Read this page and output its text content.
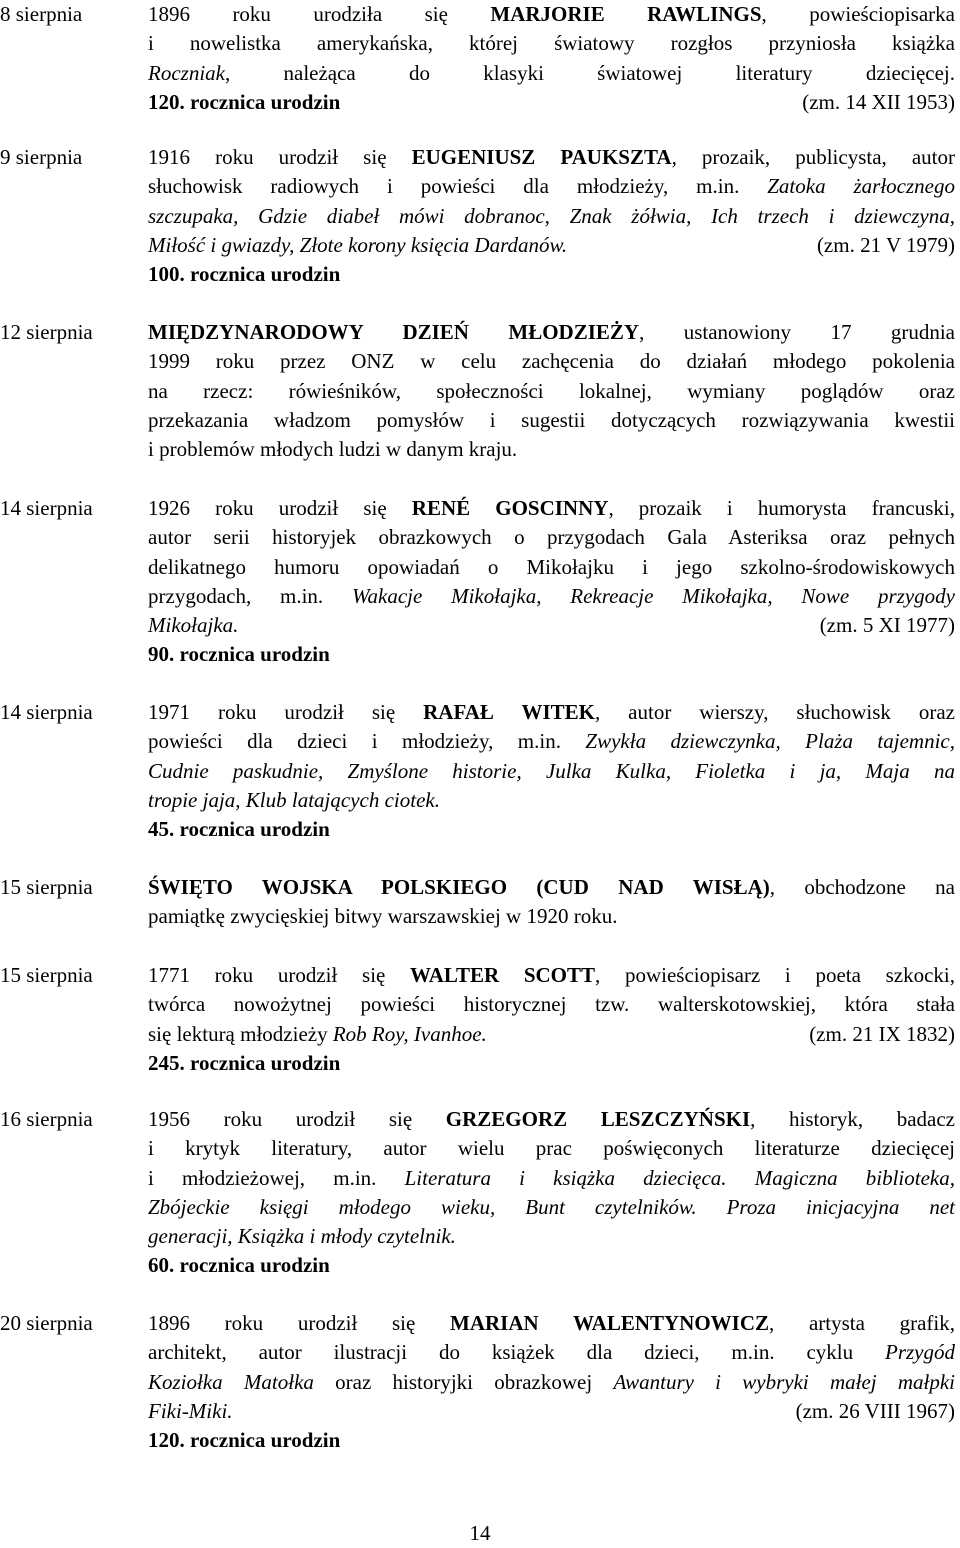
8 sierpnia	1896 roku urodziła się MARJORIE RAWLINGS, powieściopisarka
i nowelistka amerykańska, której światowy rozgłos przyniosła książka
Roczniak, należąca do klasyki światowej literatury dziecięcej.
120. rocznica urodzin	(zm. 14 XII 1953)
9 sierpnia	1916 roku urodził się EUGENIUSZ PAUKSZTA, prozaik, publicysta, autor
słuchowisk radiowych i powieści dla młodzieży, m.in. Zatoka żarłocznego
szczupaka, Gdzie diabeł mówi dobranoc, Znak żółwia, Ich trzech i dziewczyna,
Miłość i gwiazdy, Złote korony księcia Dardanów.	(zm. 21 V 1979)
100. rocznica urodzin
12 sierpnia	MIĘDZYNARODOWY DZIEŃ MŁODZIEŻY, ustanowiony 17 grudnia
1999 roku przez ONZ w celu zachęcenia do działań młodego pokolenia
na rzecz: rówieśników, społeczności lokalnej, wymiany poglądów oraz
przekazania władzom pomysłów i sugestii dotyczących rozwiązywania kwestii
i problemów młodych ludzi w danym kraju.
14 sierpnia	1926 roku urodził się RENÉ GOSCINNY, prozaik i humorysta francuski,
autor serii historyjek obrazkowych o przygodach Gala Asteriksa oraz pełnych
delikatnego humoru opowiadań o Mikołajku i jego szkolno-środowiskowych
przygodach, m.in. Wakacje Mikołajka, Rekreacje Mikołajka, Nowe przygody
Mikołajka.	(zm. 5 XI 1977)
90. rocznica urodzin
14 sierpnia	1971 roku urodził się RAFAŁ WITEK, autor wierszy, słuchowisk oraz
powieści dla dzieci i młodzieży, m.in. Zwykła dziewczynka, Plaża tajemnic,
Cudnie paskudnie, Zmyślone historie, Julka Kulka, Fioletka i ja, Maja na
tropie jaja, Klub latających ciotek.
45. rocznica urodzin
15 sierpnia	ŚWIĘTO WOJSKA POLSKIEGO (CUD NAD WISŁĄ), obchodzone na
pamiątkę zwycięskiej bitwy warszawskiej w 1920 roku.
15 sierpnia	1771 roku urodził się WALTER SCOTT, powieściopisarz i poeta szkocki,
twórca nowożytnej powieści historycznej tzw. walterskotowskiej, która stała
się lekturą młodzieży Rob Roy, Ivanhoe.	(zm. 21 IX 1832)
245. rocznica urodzin
16 sierpnia	1956 roku urodził się GRZEGORZ LESZCZYŃSKI, historyk, badacz
i krytyk literatury, autor wielu prac poświęconych literaturze dziecięcej
i młodzieżowej, m.in. Literatura i książka dziecięca. Magiczna biblioteka,
Zbójeckie księgi młodego wieku, Bunt czytelników. Proza inicjacyjna net
generacji, Książka i młody czytelnik.
60. rocznica urodzin
20 sierpnia	1896 roku urodził się MARIAN WALENTYNOWICZ, artysta grafik,
architekt, autor ilustracji do książek dla dzieci, m.in. cyklu Przygód
Koziołka Matołka oraz historyjki obrazkowej Awantury i wybryki małej małpki
Fiki-Miki.	(zm. 26 VIII 1967)
120. rocznica urodzin
14
